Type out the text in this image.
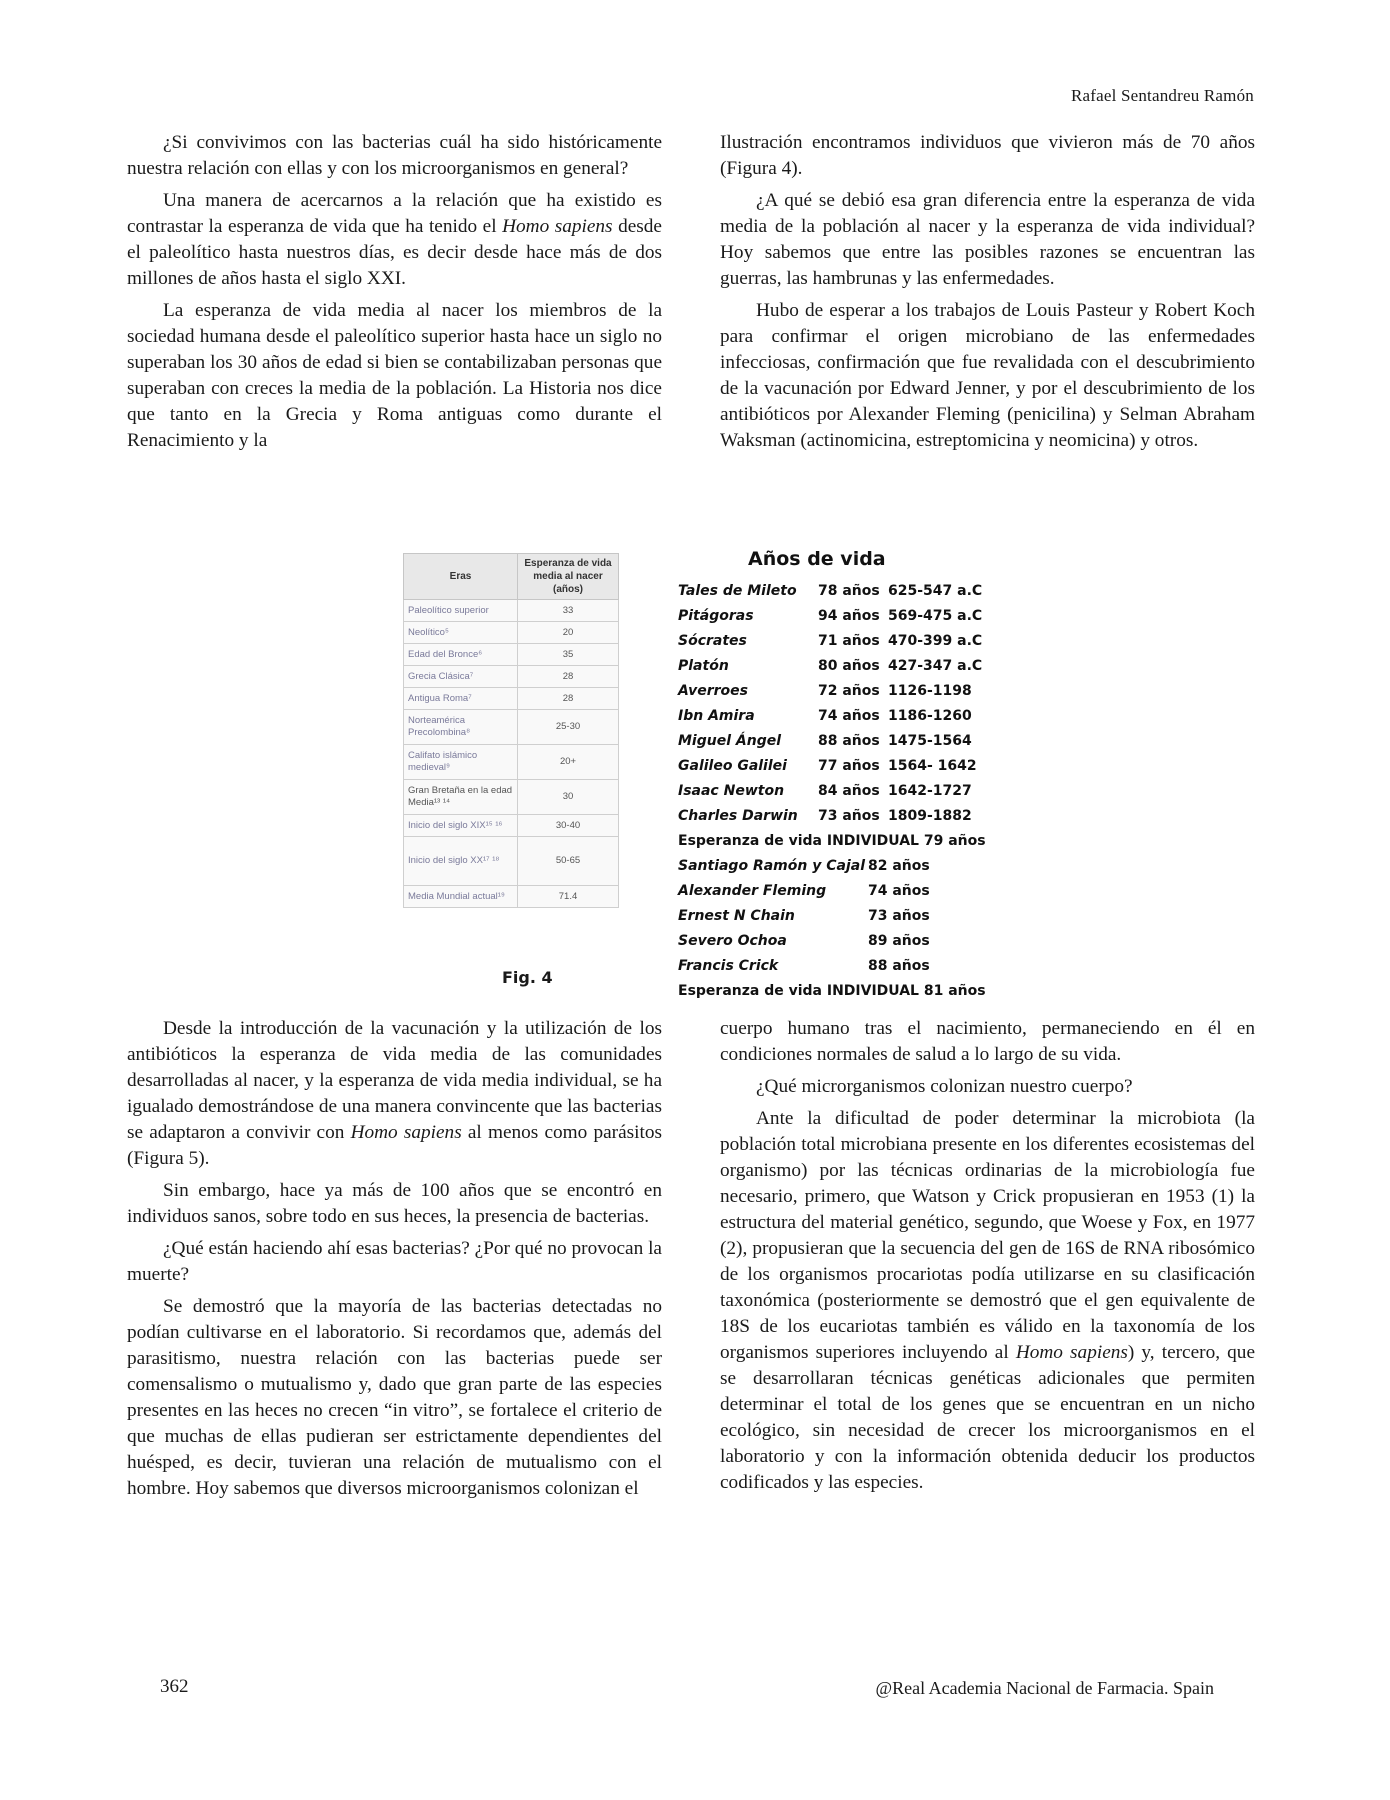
Rafael Sentandreu Ramón

¿Si convivimos con las bacterias cuál ha sido históricamente nuestra relación con ellas y con los microorganismos en general?

Una manera de acercarnos a la relación que ha existido es contrastar la esperanza de vida que ha tenido el Homo sapiens desde el paleolítico hasta nuestros días, es decir desde hace más de dos millones de años hasta el siglo XXI.

La esperanza de vida media al nacer los miembros de la sociedad humana desde el paleolítico superior hasta hace un siglo no superaban los 30 años de edad si bien se contabilizaban personas que superaban con creces la media de la población. La Historia nos dice que tanto en la Grecia y Roma antiguas como durante el Renacimiento y la

Ilustración encontramos individuos que vivieron más de 70 años (Figura 4).

¿A qué se debió esa gran diferencia entre la esperanza de vida media de la población al nacer y la esperanza de vida individual? Hoy sabemos que entre las posibles razones se encuentran las guerras, las hambrunas y las enfermedades.

Hubo de esperar a los trabajos de Louis Pasteur y Robert Koch para confirmar el origen microbiano de las enfermedades infecciosas, confirmación que fue revalidada con el descubrimiento de la vacunación por Edward Jenner, y por el descubrimiento de los antibióticos por Alexander Fleming (penicilina) y Selman Abraham Waksman (actinomicina, estreptomicina y neomicina) y otros.

Eras	Esperanza de vida media al nacer (años)
Paleolítico superior	33
Neolítico⁵	20
Edad del Bronce⁶	35
Grecia Clásica⁷	28
Antigua Roma⁷	28
Norteamérica Precolombina⁸	25-30
Califato islámico medieval⁹	20+
Gran Bretaña en la edad Media¹³ ¹⁴	30
Inicio del siglo XIX¹⁵ ¹⁶	30-40
Inicio del siglo XX¹⁷ ¹⁸	50-65
Media Mundial actual¹⁹	71.4
Fig. 4
Años de vida
Tales de Mileto 78 años 625-547 a.C
Pitágoras	94 años 569-475 a.C
Sócrates	71 años 470-399 a.C
Platón	80 años 427-347 a.C
Averroes	72 años 1126-1198
Ibn Amira	74 años 1186-1260
Miguel Ángel	88 años 1475-1564
Galileo Galilei 77 años 1564- 1642
Isaac Newton 84 años 1642-1727
Charles Darwin 73 años 1809-1882
Esperanza de vida INDIVIDUAL 79 años
Santiago Ramón y Cajal 82 años
Alexander Fleming	74 años
Ernest N Chain	73 años
Severo Ochoa	89 años
Francis Crick	88 años
Esperanza de vida INDIVIDUAL 81 años

Desde la introducción de la vacunación y la utilización de los antibióticos la esperanza de vida media de las comunidades desarrolladas al nacer, y la esperanza de vida media individual, se ha igualado demostrándose de una manera convincente que las bacterias se adaptaron a convivir con Homo sapiens al menos como parásitos (Figura 5).

Sin embargo, hace ya más de 100 años que se encontró en individuos sanos, sobre todo en sus heces, la presencia de bacterias.

¿Qué están haciendo ahí esas bacterias? ¿Por qué no provocan la muerte?

Se demostró que la mayoría de las bacterias detectadas no podían cultivarse en el laboratorio. Si recordamos que, además del parasitismo, nuestra relación con las bacterias puede ser comensalismo o mutualismo y, dado que gran parte de las especies presentes en las heces no crecen “in vitro”, se fortalece el criterio de que muchas de ellas pudieran ser estrictamente dependientes del huésped, es decir, tuvieran una relación de mutualismo con el hombre. Hoy sabemos que diversos microorganismos colonizan el

cuerpo humano tras el nacimiento, permaneciendo en él en condiciones normales de salud a lo largo de su vida.

¿Qué microrganismos colonizan nuestro cuerpo?

Ante la dificultad de poder determinar la microbiota (la población total microbiana presente en los diferentes ecosistemas del organismo) por las técnicas ordinarias de la microbiología fue necesario, primero, que Watson y Crick propusieran en 1953 (1) la estructura del material genético, segundo, que Woese y Fox, en 1977 (2), propusieran que la secuencia del gen de 16S de RNA ribosómico de los organismos procariotas podía utilizarse en su clasificación taxonómica (posteriormente se demostró que el gen equivalente de 18S de los eucariotas también es válido en la taxonomía de los organismos superiores incluyendo al Homo sapiens) y, tercero, que se desarrollaran técnicas genéticas adicionales que permiten determinar el total de los genes que se encuentran en un nicho ecológico, sin necesidad de crecer los microorganismos en el laboratorio y con la información obtenida deducir los productos codificados y las especies.

362	@Real Academia Nacional de Farmacia. Spain
